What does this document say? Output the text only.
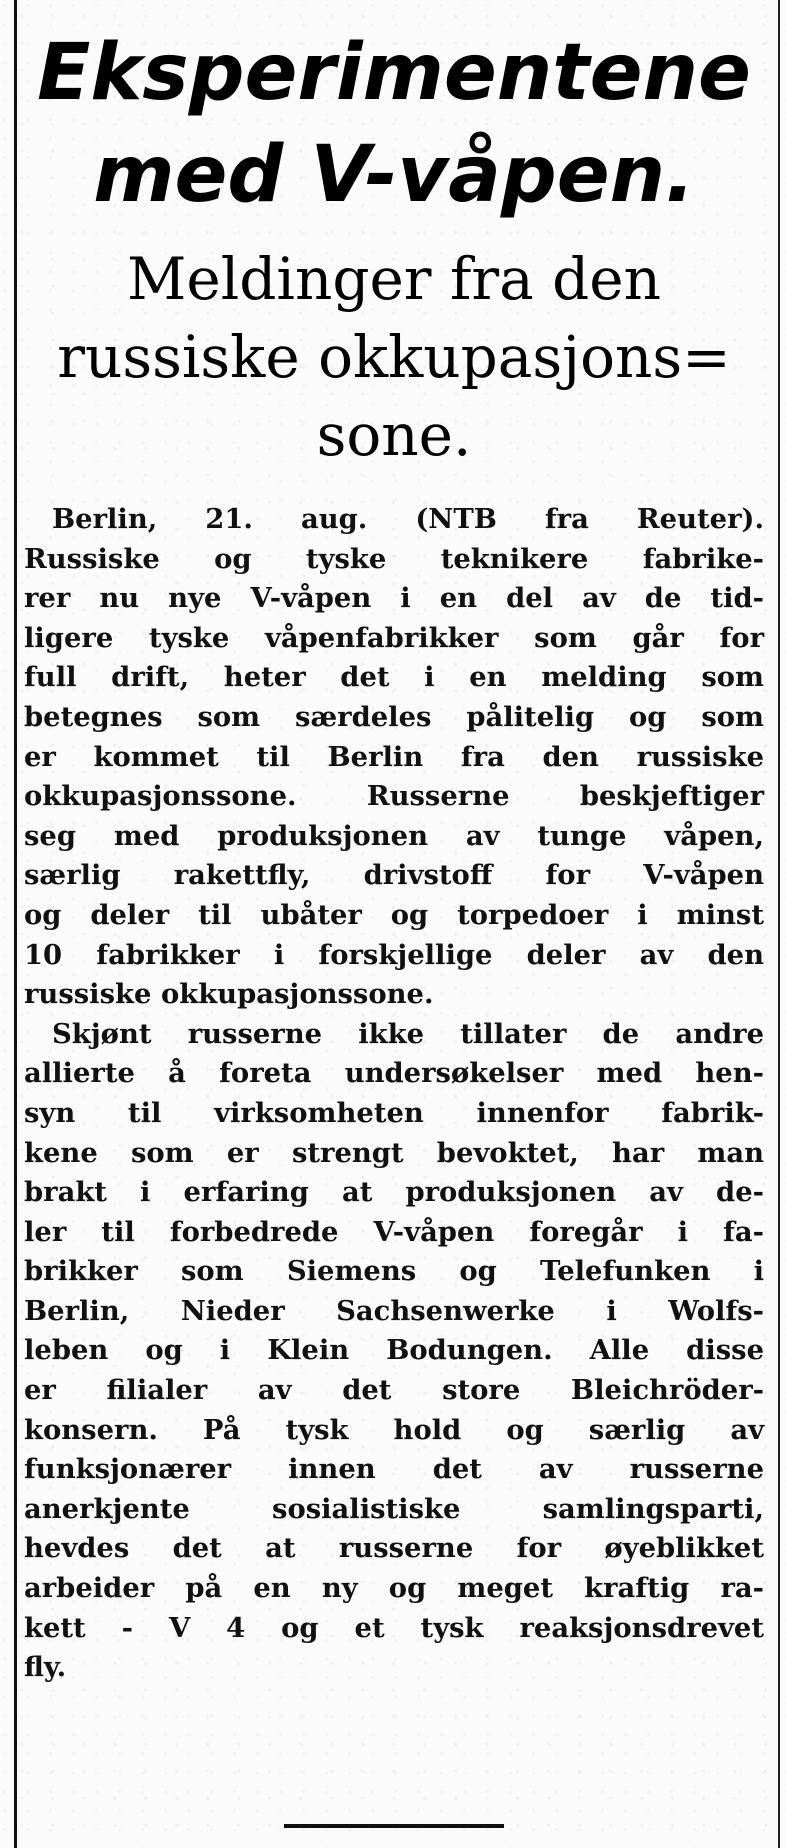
Eksperimentene
med V-våpen.
Meldinger fra den
russiske okkupasjons=
sone.
Berlin, 21. aug. (NTB fra Reuter).
Russiske og tyske teknikere fabrike-
rer nu nye V-våpen i en del av de tid-
ligere tyske våpenfabrikker som går for
full drift, heter det i en melding som
betegnes som særdeles pålitelig og som
er kommet til Berlin fra den russiske
okkupasjonssone. Russerne beskjeftiger
seg med produksjonen av tunge våpen,
særlig rakettfly, drivstoff for V-våpen
og deler til ubåter og torpedoer i minst
10 fabrikker i forskjellige deler av den
russiske okkupasjonssone.
Skjønt russerne ikke tillater de andre
allierte å foreta undersøkelser med hen-
syn til virksomheten innenfor fabrik-
kene som er strengt bevoktet, har man
brakt i erfaring at produksjonen av de-
ler til forbedrede V-våpen foregår i fa-
brikker som Siemens og Telefunken i
Berlin, Nieder Sachsenwerke i Wolfs-
leben og i Klein Bodungen. Alle disse
er filialer av det store Bleichröder-
konsern. På tysk hold og særlig av
funksjonærer innen det av russerne
anerkjente sosialistiske samlingsparti,
hevdes det at russerne for øyeblikket
arbeider på en ny og meget kraftig ra-
kett - V 4 og et tysk reaksjonsdrevet
fly.
